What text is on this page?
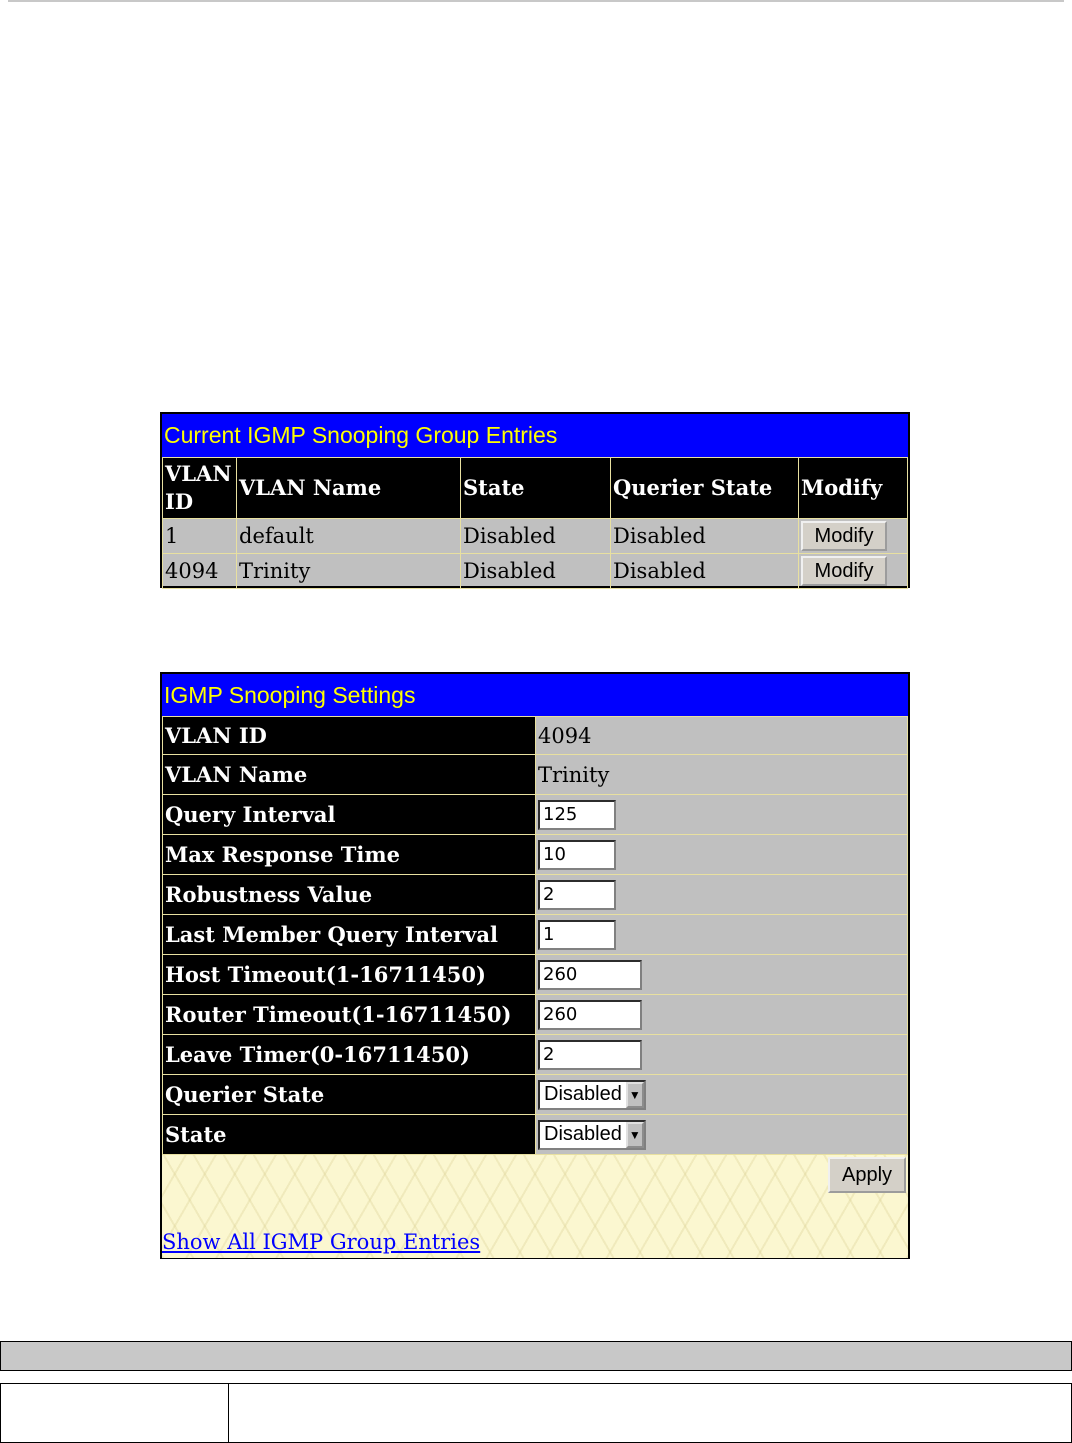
Current IGMP Snooping Group Entries
VLAN ID	VLAN Name	State	Querier State	Modify
1	default	Disabled	Disabled	Modify
4094	Trinity	Disabled	Disabled	Modify
IGMP Snooping Settings
VLAN ID	4094
VLAN Name	Trinity
Query Interval	125
Max Response Time	10
Robustness Value	2
Last Member Query Interval	1
Host Timeout(1-16711450)	260
Router Timeout(1-16711450)	260
Leave Timer(0-16711450)	2
Querier State	Disabled ▼

State	Disabled ▼
Apply
Show All IGMP Group Entries
